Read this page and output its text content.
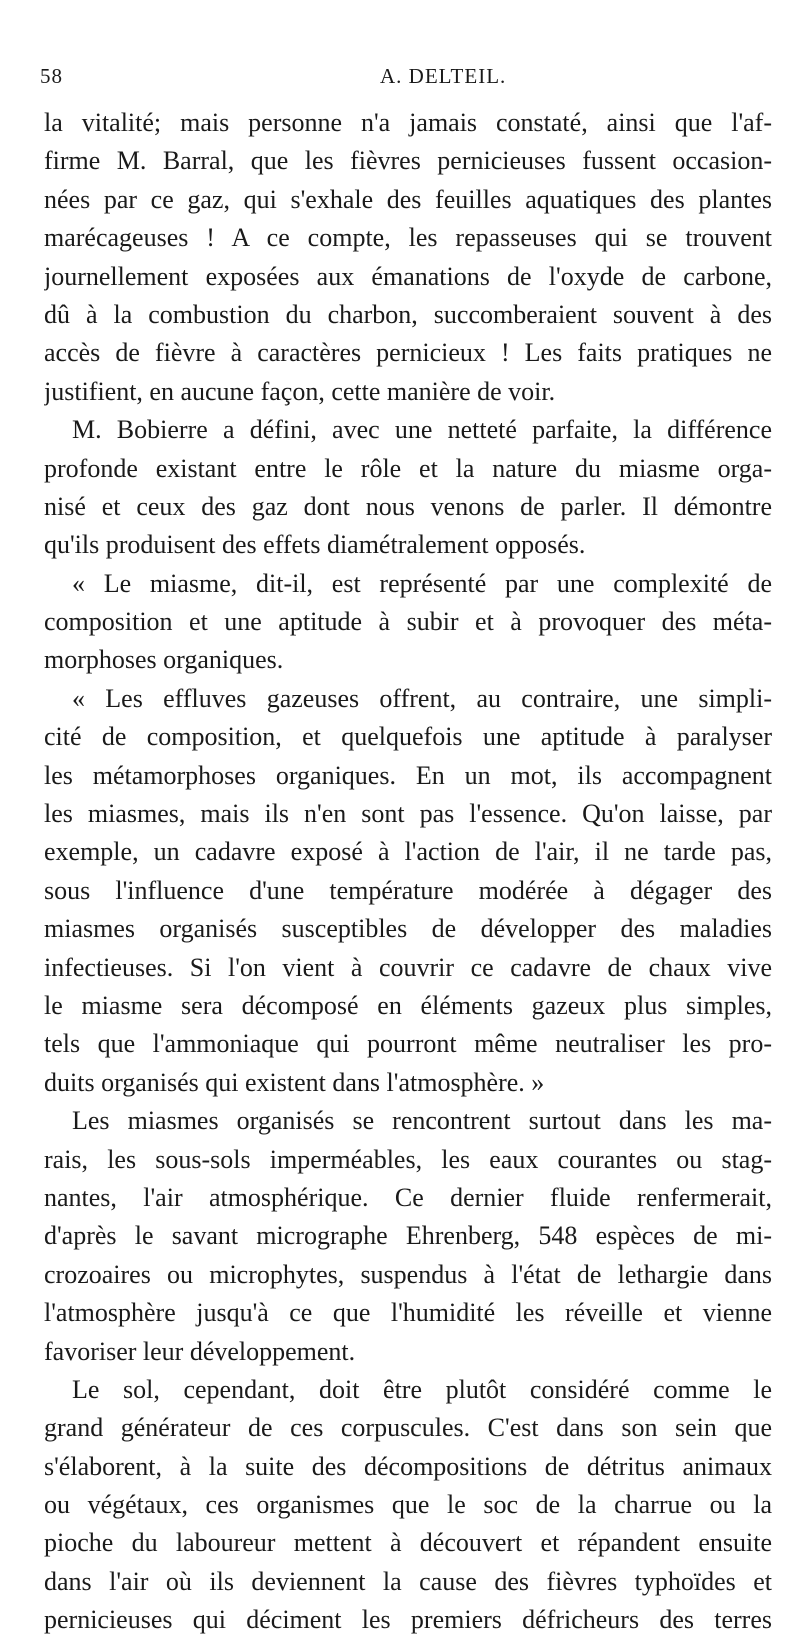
58	A. DELTEIL.
la vitalité; mais personne n'a jamais constaté, ainsi que l'af-
firme M. Barral, que les fièvres pernicieuses fussent occasion-
nées par ce gaz, qui s'exhale des feuilles aquatiques des plantes
marécageuses ! A ce compte, les repasseuses qui se trouvent
journellement exposées aux émanations de l'oxyde de carbone,
dû à la combustion du charbon, succomberaient souvent à des
accès de fièvre à caractères pernicieux ! Les faits pratiques ne
justifient, en aucune façon, cette manière de voir.
M. Bobierre a défini, avec une netteté parfaite, la différence
profonde existant entre le rôle et la nature du miasme orga-
nisé et ceux des gaz dont nous venons de parler. Il démontre
qu'ils produisent des effets diamétralement opposés.
« Le miasme, dit-il, est représenté par une complexité de
composition et une aptitude à subir et à provoquer des méta-
morphoses organiques.
« Les effluves gazeuses offrent, au contraire, une simpli-
cité de composition, et quelquefois une aptitude à paralyser
les métamorphoses organiques. En un mot, ils accompagnent
les miasmes, mais ils n'en sont pas l'essence. Qu'on laisse, par
exemple, un cadavre exposé à l'action de l'air, il ne tarde pas,
sous l'influence d'une température modérée à dégager des
miasmes organisés susceptibles de développer des maladies
infectieuses. Si l'on vient à couvrir ce cadavre de chaux vive
le miasme sera décomposé en éléments gazeux plus simples,
tels que l'ammoniaque qui pourront même neutraliser les pro-
duits organisés qui existent dans l'atmosphère. »
Les miasmes organisés se rencontrent surtout dans les ma-
rais, les sous-sols imperméables, les eaux courantes ou stag-
nantes, l'air atmosphérique. Ce dernier fluide renfermerait,
d'après le savant micrographe Ehrenberg, 548 espèces de mi-
crozoaires ou microphytes, suspendus à l'état de lethargie dans
l'atmosphère jusqu'à ce que l'humidité les réveille et vienne
favoriser leur développement.
Le sol, cependant, doit être plutôt considéré comme le
grand générateur de ces corpuscules. C'est dans son sein que
s'élaborent, à la suite des décompositions de détritus animaux
ou végétaux, ces organismes que le soc de la charrue ou la
pioche du laboureur mettent à découvert et répandent ensuite
dans l'air où ils deviennent la cause des fièvres typhoïdes et
pernicieuses qui déciment les premiers défricheurs des terres
